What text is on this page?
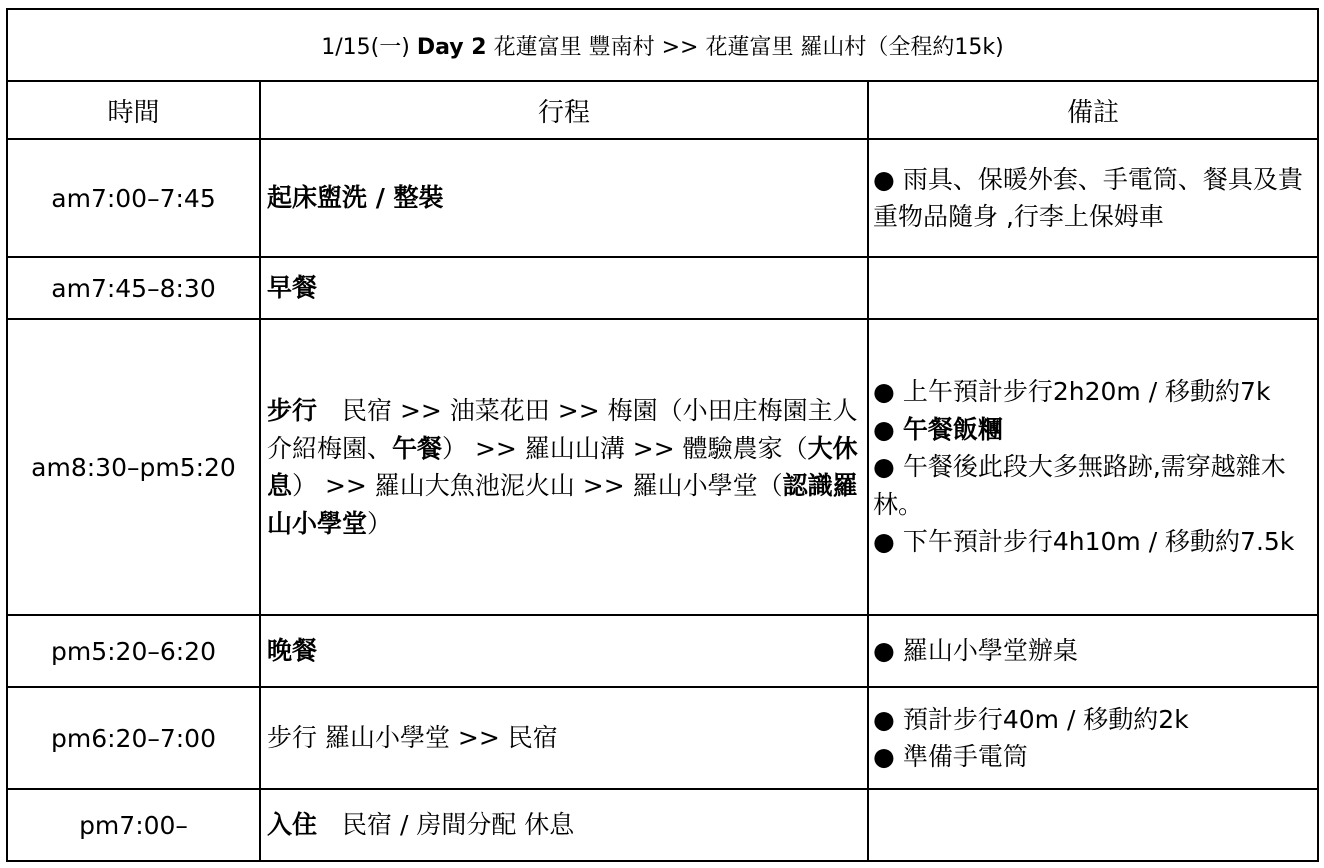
1/15(一) Day 2 花蓮富里 豐南村 >> 花蓮富里 羅山村（全程約15k)		
時間	行程	備註
am7:00–7:45	起床盥洗 / 整裝	● 雨具、保暖外套、手電筒、餐具及貴重物品隨身 ,行李上保姆車

am7:45–8:30	早餐	
am8:30–pm5:20	步行　民宿 >> 油菜花田 >> 梅園（小田庄梅園主人介紹梅園、午餐） >> 羅山山溝 >> 體驗農家（大休息） >> 羅山大魚池泥火山 >> 羅山小學堂（認識羅山小學堂）	● 上午預計步行2h20m / 移動約7k
● 午餐飯糰
● 午餐後此段大多無路跡,需穿越雜木林。
● 下午預計步行4h10m / 移動約7.5k

pm5:20–6:20	晚餐	● 羅山小學堂辦桌

pm6:20–7:00	步行 羅山小學堂 >> 民宿	● 預計步行40m / 移動約2k
● 準備手電筒

pm7:00–	入住　民宿 / 房間分配 休息	
